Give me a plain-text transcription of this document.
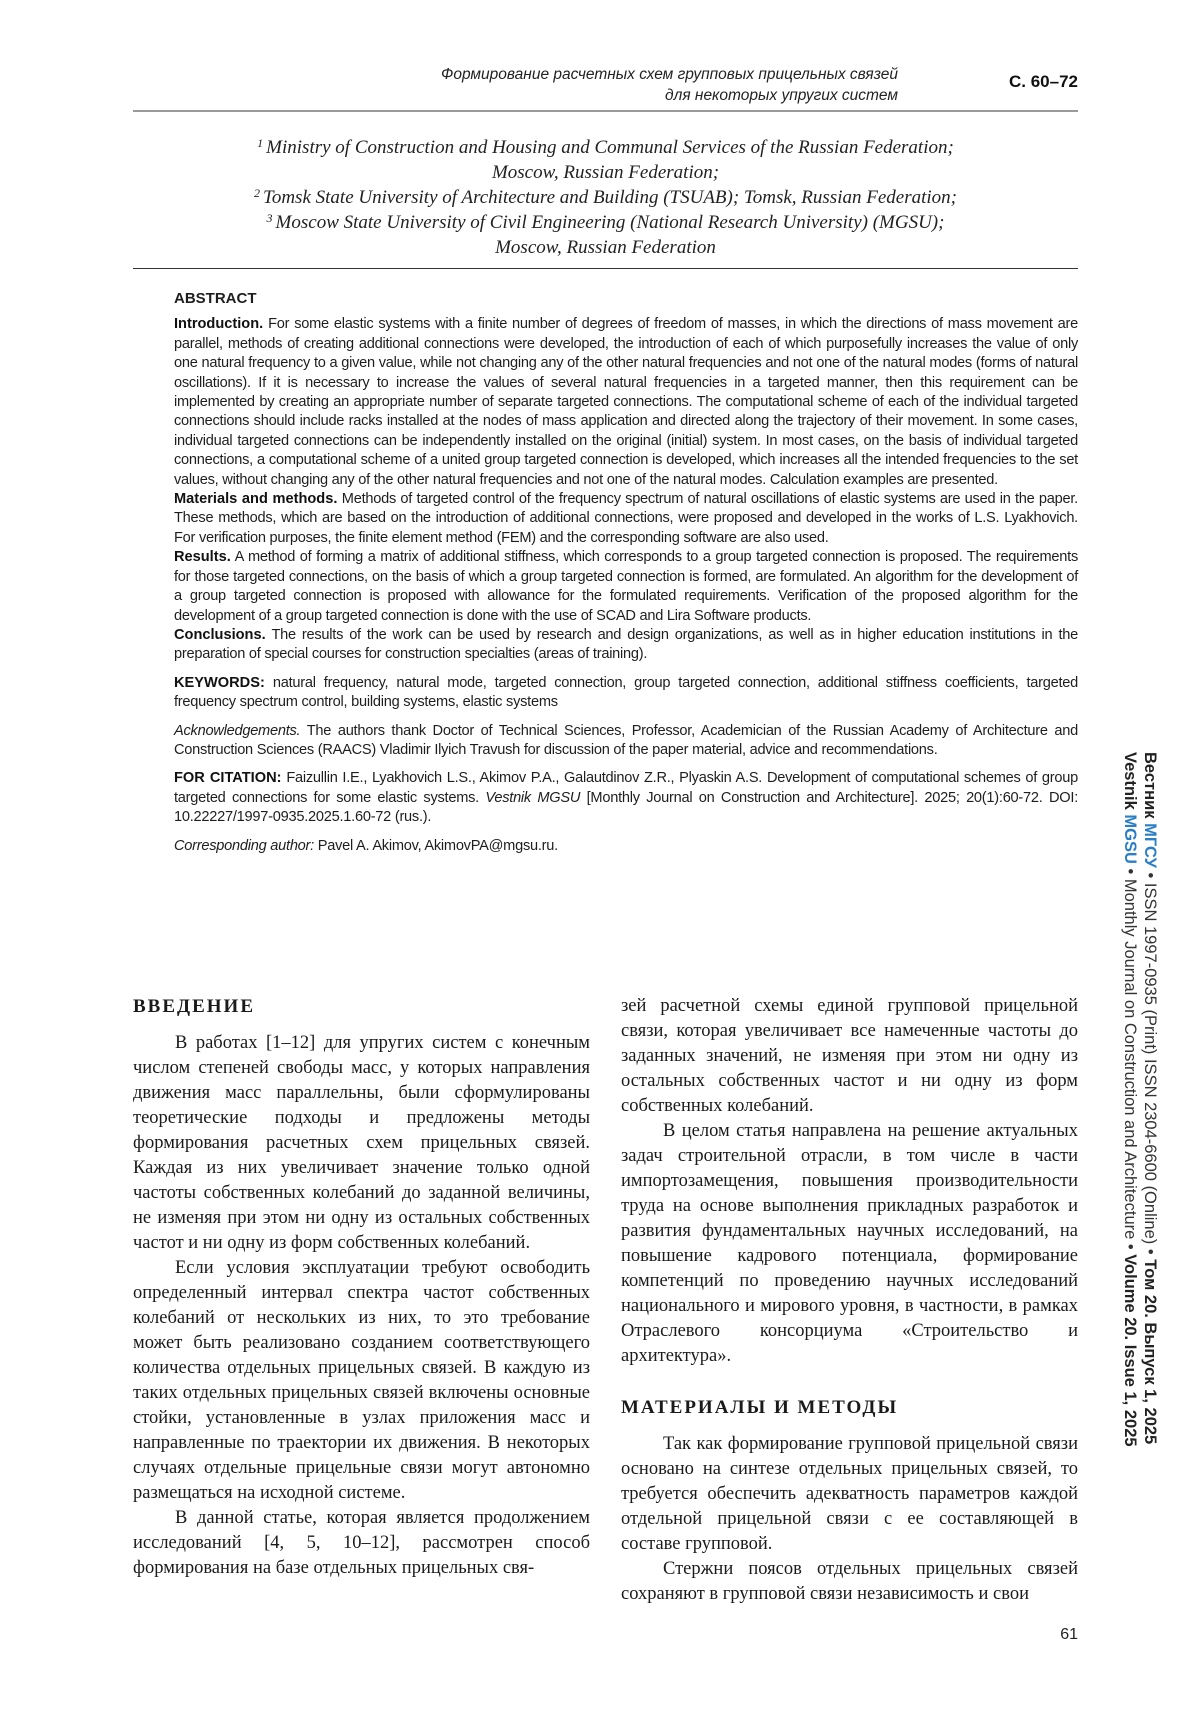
Формирование расчетных схем групповых прицельных связей
для некоторых упругих систем
С. 60–72
$^1$ Ministry of Construction and Housing and Communal Services of the Russian Federation;
Moscow, Russian Federation;
$^2$ Tomsk State University of Architecture and Building (TSUAB); Tomsk, Russian Federation;
$^3$ Moscow State University of Civil Engineering (National Research University) (MGSU);
Moscow, Russian Federation

ABSTRACT

Introduction. For some elastic systems with a finite number of degrees of freedom of masses, in which the directions of mass movement are parallel, methods of creating additional connections were developed, the introduction of each of which purposefully increases the value of only one natural frequency to a given value, while not changing any of the other natural frequencies and not one of the natural modes (forms of natural oscillations). If it is necessary to increase the values of several natural frequencies in a targeted manner, then this requirement can be implemented by creating an appropriate number of separate targeted connections. The computational scheme of each of the individual targeted connections should include racks installed at the nodes of mass application and directed along the trajectory of their movement. In some cases, individual targeted connections can be independently installed on the original (initial) system. In most cases, on the basis of individual targeted connections, a computational scheme of a united group targeted connection is developed, which increases all the intended frequencies to the set values, without changing any of the other natural frequencies and not one of the natural modes. Calculation examples are presented.

Materials and methods. Methods of targeted control of the frequency spectrum of natural oscillations of elastic systems are used in the paper. These methods, which are based on the introduction of additional connections, were proposed and developed in the works of L.S. Lyakhovich. For verification purposes, the finite element method (FEM) and the corresponding software are also used.

Results. A method of forming a matrix of additional stiffness, which corresponds to a group targeted connection is proposed. The requirements for those targeted connections, on the basis of which a group targeted connection is formed, are formulated. An algorithm for the development of a group targeted connection is proposed with allowance for the formulated requirements. Verification of the proposed algorithm for the development of a group targeted connection is done with the use of SCAD and Lira Software products.

Conclusions. The results of the work can be used by research and design organizations, as well as in higher education institutions in the preparation of special courses for construction specialties (areas of training).

KEYWORDS: natural frequency, natural mode, targeted connection, group targeted connection, additional stiffness coefficients, targeted frequency spectrum control, building systems, elastic systems

Acknowledgements. The authors thank Doctor of Technical Sciences, Professor, Academician of the Russian Academy of Architecture and Construction Sciences (RAACS) Vladimir Ilyich Travush for discussion of the paper material, advice and recommendations.

FOR CITATION: Faizullin I.E., Lyakhovich L.S., Akimov P.A., Galautdinov Z.R., Plyaskin A.S. Development of computational schemes of group targeted connections for some elastic systems. Vestnik MGSU [Monthly Journal on Construction and Architecture]. 2025; 20(1):60-72. DOI: 10.22227/1997-0935.2025.1.60-72 (rus.).

Corresponding author: Pavel A. Akimov, AkimovPA@mgsu.ru.

Вестник МГСУ • ISSN 1997-0935 (Print) ISSN 2304-6600 (Online) • Том 20. Выпуск 1, 2025
Vestnik MGSU • Monthly Journal on Construction and Architecture • Volume 20. Issue 1, 2025
ВВЕДЕНИЕ

В работах [1–12] для упругих систем с конечным числом степеней свободы масс, у которых направления движения масс параллельны, были сформулированы теоретические подходы и предложены методы формирования расчетных схем прицельных связей. Каждая из них увеличивает значение только одной частоты собственных колебаний до заданной величины, не изменяя при этом ни одну из остальных собственных частот и ни одну из форм собственных колебаний.

Если условия эксплуатации требуют освободить определенный интервал спектра частот собственных колебаний от нескольких из них, то это требование может быть реализовано созданием соответствующего количества отдельных прицельных связей. В каждую из таких отдельных прицельных связей включены основные стойки, установленные в узлах приложения масс и направленные по траектории их движения. В некоторых случаях отдельные прицельные связи могут автономно размещаться на исходной системе.

В данной статье, которая является продолжением исследований [4, 5, 10–12], рассмотрен способ формирования на базе отдельных прицельных свя-

зей расчетной схемы единой групповой прицельной связи, которая увеличивает все намеченные частоты до заданных значений, не изменяя при этом ни одну из остальных собственных частот и ни одну из форм собственных колебаний.

В целом статья направлена на решение актуальных задач строительной отрасли, в том числе в части импортозамещения, повышения производительности труда на основе выполнения прикладных разработок и развития фундаментальных научных исследований, на повышение кадрового потенциала, формирование компетенций по проведению научных исследований национального и мирового уровня, в частности, в рамках Отраслевого консорциума «Строительство и архитектура».

МАТЕРИАЛЫ И МЕТОДЫ

Так как формирование групповой прицельной связи основано на синтезе отдельных прицельных связей, то требуется обеспечить адекватность параметров каждой отдельной прицельной связи с ее составляющей в составе групповой.

Стержни поясов отдельных прицельных связей сохраняют в групповой связи независимость и свои

61
